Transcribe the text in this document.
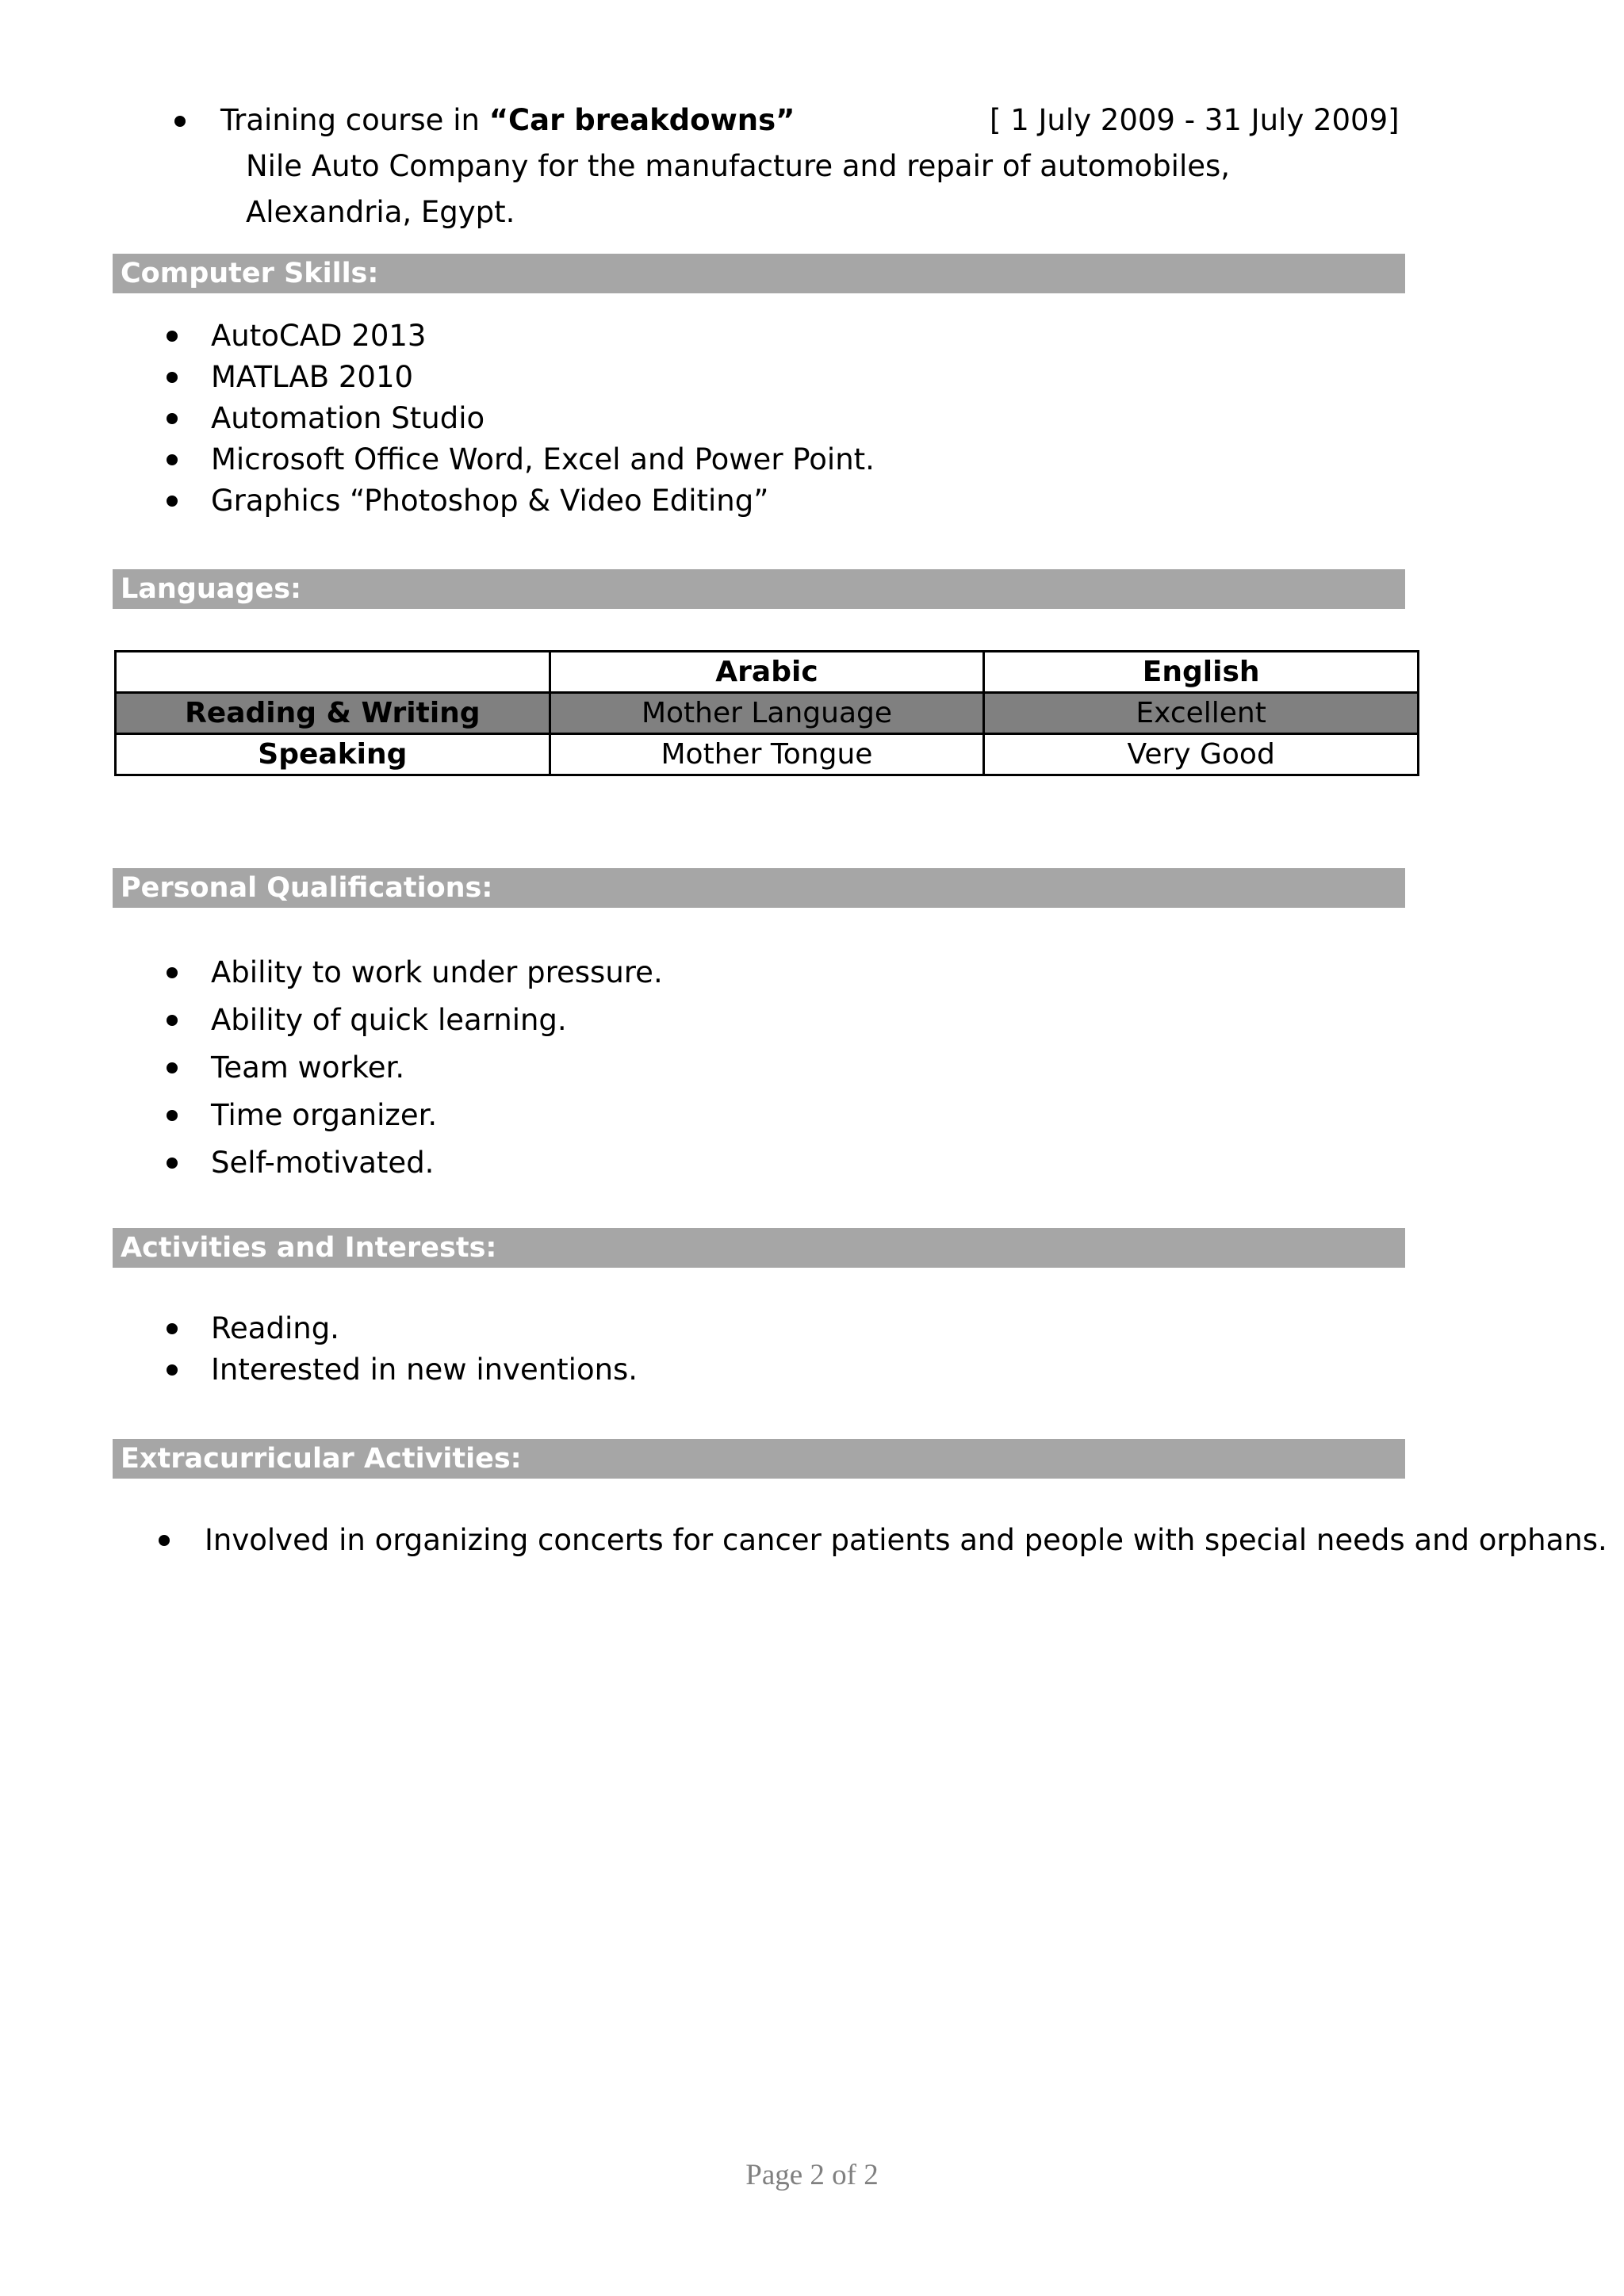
Training course in “Car breakdowns”	[ 1 July 2009 - 31 July 2009]
Nile Auto Company for the manufacture and repair of automobiles,
Alexandria, Egypt.
Computer Skills:
AutoCAD 2013
MATLAB 2010
Automation Studio
Microsoft Office Word, Excel and Power Point.
Graphics “Photoshop & Video Editing”
Languages:
	Arabic	English
Reading & Writing	Mother Language	Excellent
Speaking	Mother Tongue	Very Good
Personal Qualifications:
Ability to work under pressure.
Ability of quick learning.
Team worker.
Time organizer.
Self-motivated.
Activities and Interests:
Reading.
Interested in new inventions.
Extracurricular Activities:
Involved in organizing concerts for cancer patients and people with special needs and orphans.
Page 2 of 2
